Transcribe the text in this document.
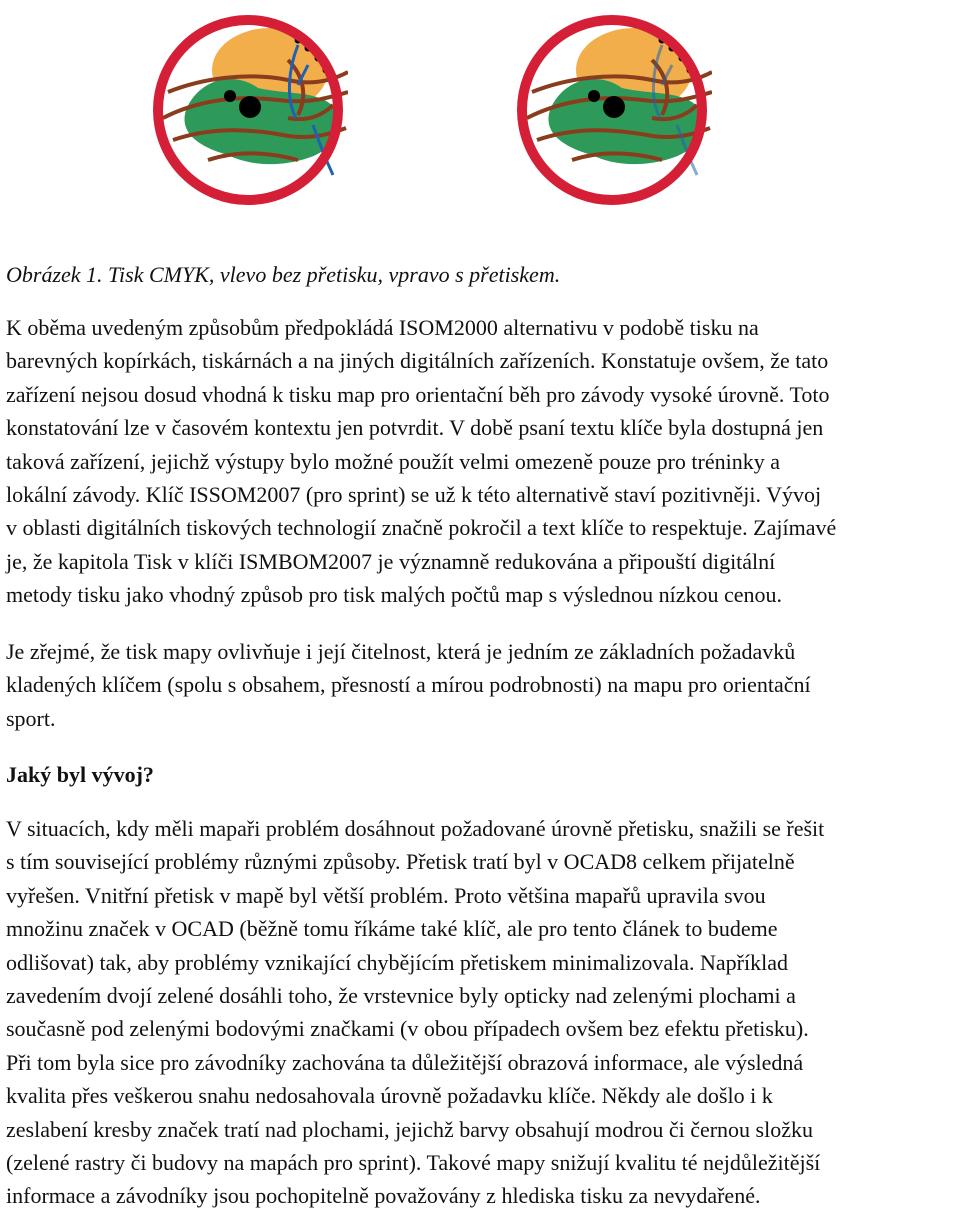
Obrázek 1. Tisk CMYK, vlevo bez přetisku, vpravo s přetiskem.
K oběma uvedeným způsobům předpokládá ISOM2000 alternativu v podobě tisku na
barevných kopírkách, tiskárnách a na jiných digitálních zařízeních. Konstatuje ovšem, že tato
zařízení nejsou dosud vhodná k tisku map pro orientační běh pro závody vysoké úrovně. Toto
konstatování lze v časovém kontextu jen potvrdit. V době psaní textu klíče byla dostupná jen
taková zařízení, jejichž výstupy bylo možné použít velmi omezeně pouze pro tréninky a
lokální závody. Klíč ISSOM2007 (pro sprint) se už k této alternativě staví pozitivněji. Vývoj
v oblasti digitálních tiskových technologií značně pokročil a text klíče to respektuje. Zajímavé
je, že kapitola Tisk v klíči ISMBOM2007 je významně redukována a připouští digitální
metody tisku jako vhodný způsob pro tisk malých počtů map s výslednou nízkou cenou.
Je zřejmé, že tisk mapy ovlivňuje i její čitelnost, která je jedním ze základních požadavků
kladených klíčem (spolu s obsahem, přesností a mírou podrobnosti) na mapu pro orientační
sport.
Jaký byl vývoj?
V situacích, kdy měli mapaři problém dosáhnout požadované úrovně přetisku, snažili se řešit
s tím související problémy různými způsoby. Přetisk tratí byl v OCAD8 celkem přijatelně
vyřešen. Vnitřní přetisk v mapě byl větší problém. Proto většina mapařů upravila svou
množinu značek v OCAD (běžně tomu říkáme také klíč, ale pro tento článek to budeme
odlišovat) tak, aby problémy vznikající chybějícím přetiskem minimalizovala. Například
zavedením dvojí zelené dosáhli toho, že vrstevnice byly opticky nad zelenými plochami a
současně pod zelenými bodovými značkami (v obou případech ovšem bez efektu přetisku).
Při tom byla sice pro závodníky zachována ta důležitější obrazová informace, ale výsledná
kvalita přes veškerou snahu nedosahovala úrovně požadavku klíče. Někdy ale došlo i k
zeslabení kresby značek tratí nad plochami, jejichž barvy obsahují modrou či černou složku
(zelené rastry či budovy na mapách pro sprint). Takové mapy snižují kvalitu té nejdůležitější
informace a závodníky jsou pochopitelně považovány z hlediska tisku za nevydařené.
